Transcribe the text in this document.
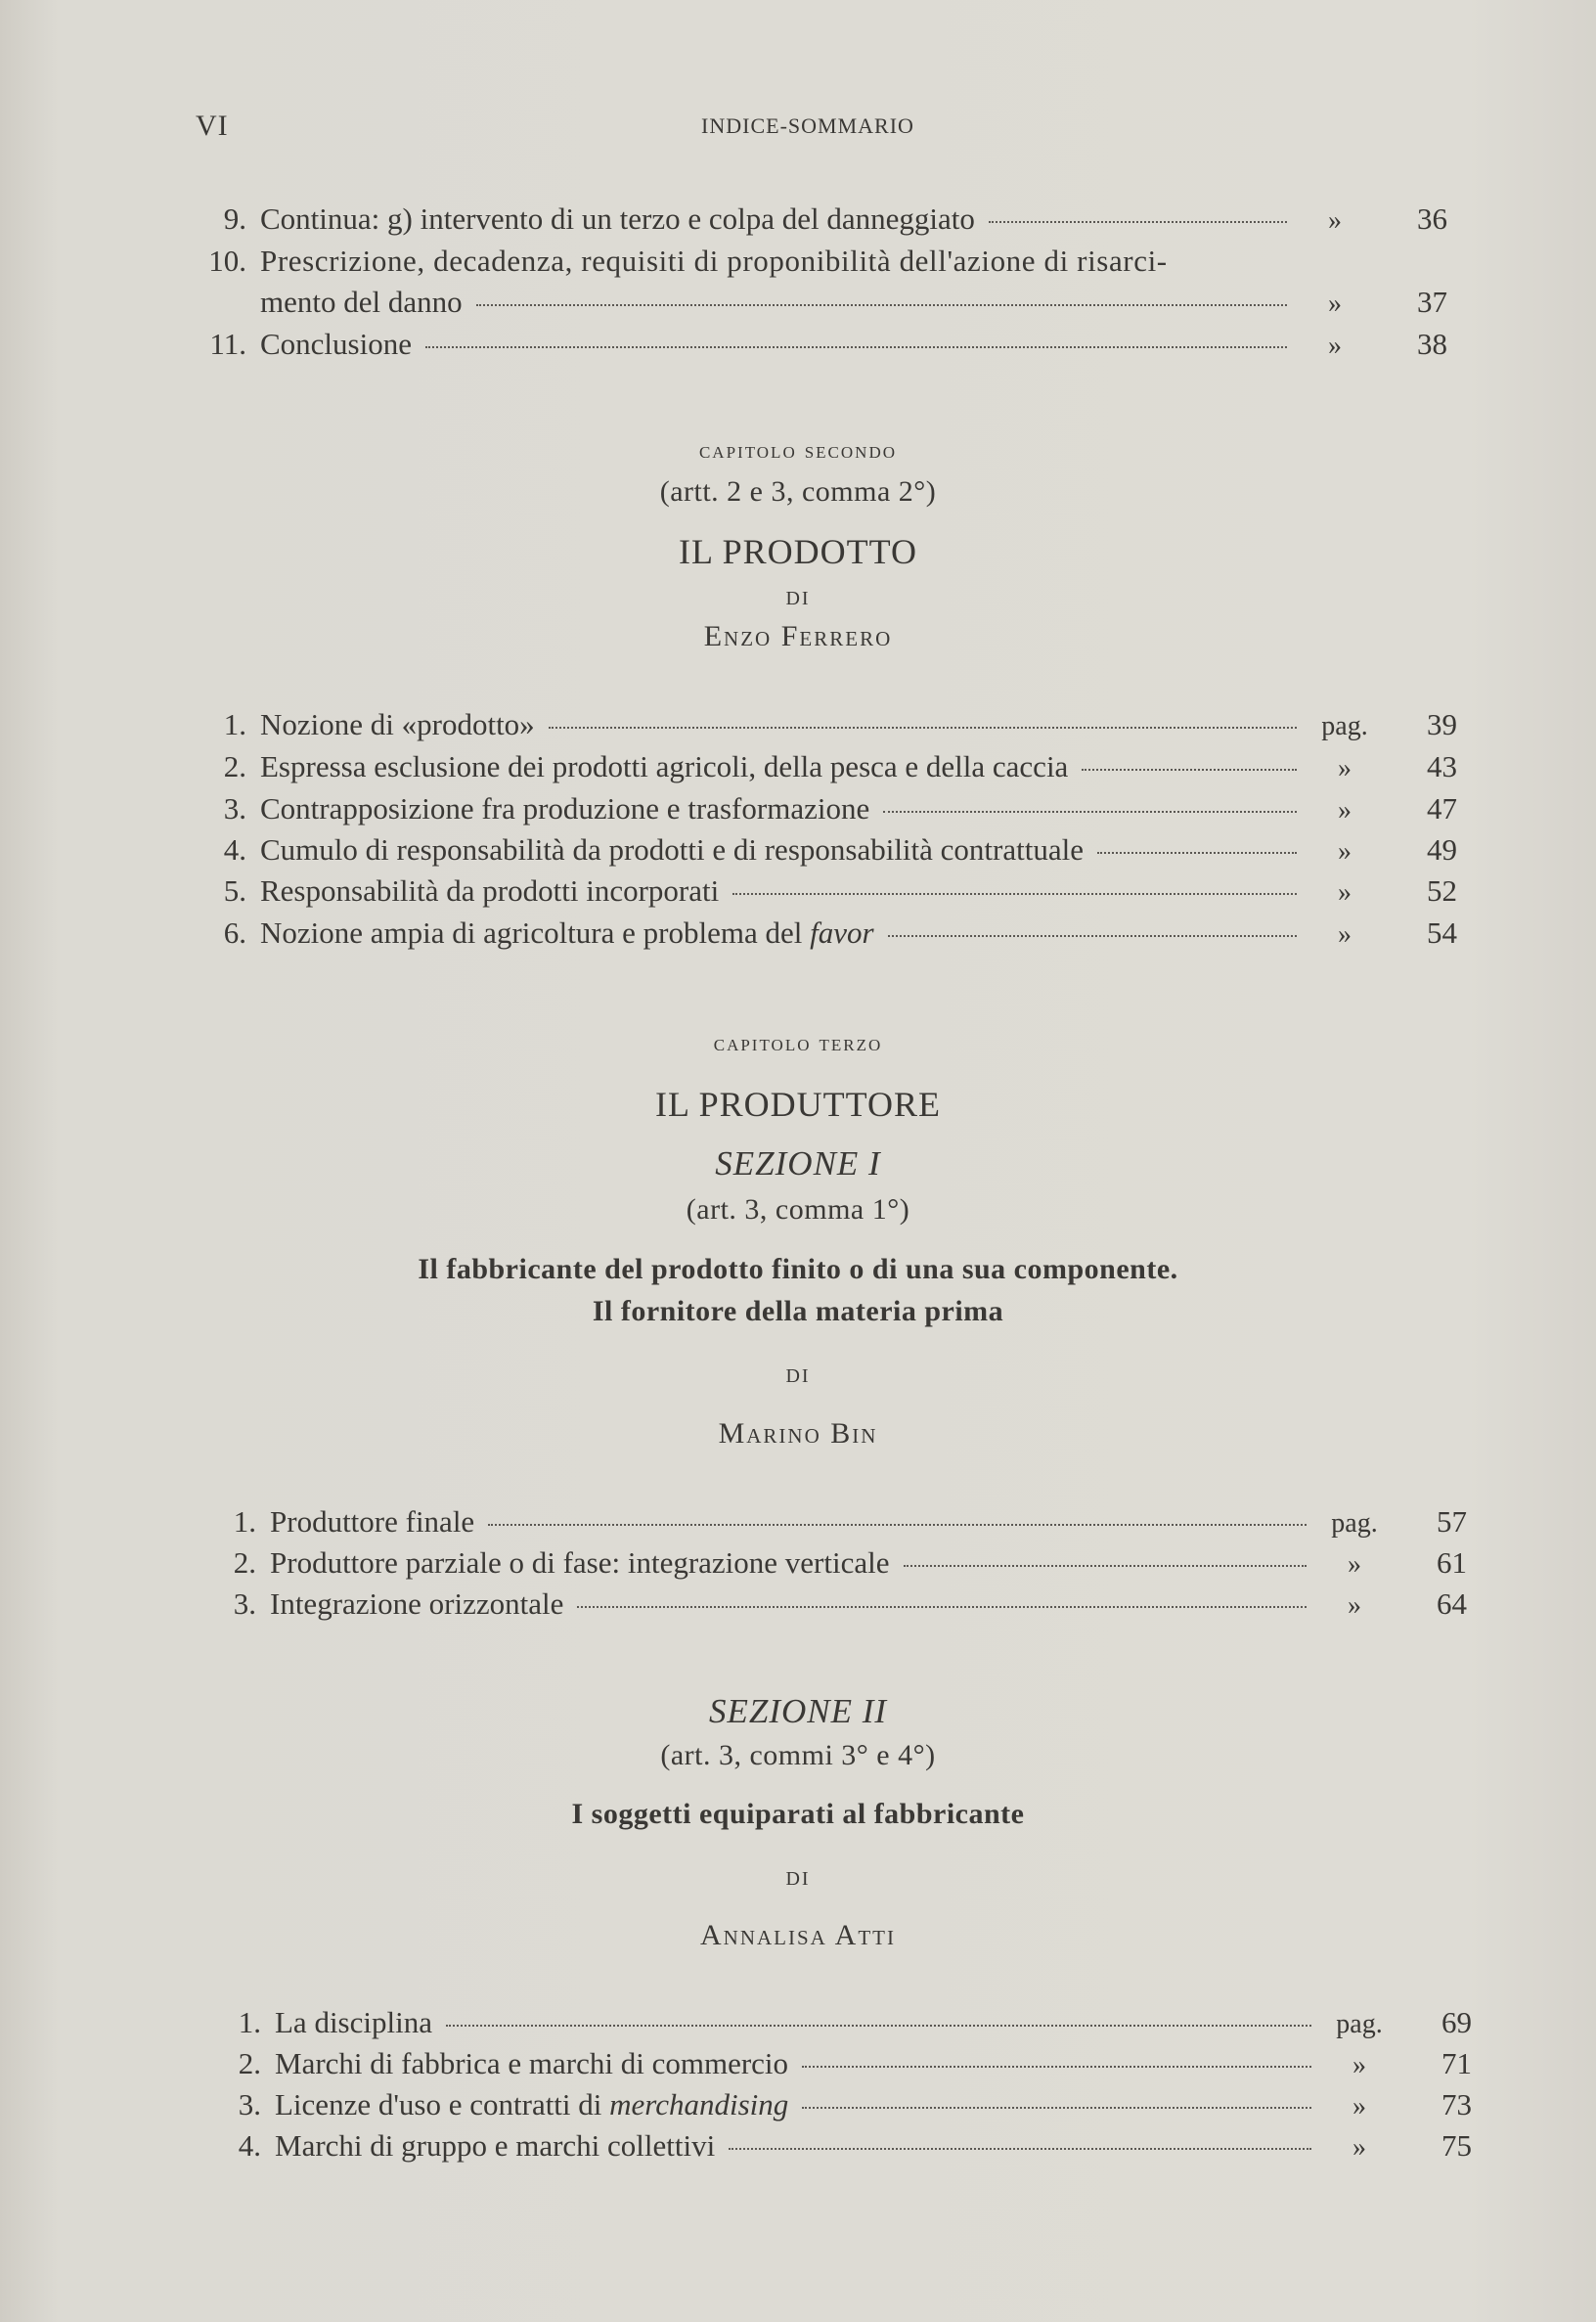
VI	INDICE-SOMMARIO
9. Continua: g) intervento di un terzo e colpa del danneggiato	»	36
10. Prescrizione, decadenza, requisiti di proponibilità dell'azione di risarci-
mento del danno	»	37
11. Conclusione	»	38
capitolo secondo
(artt. 2 e 3, comma 2°)
IL PRODOTTO
DI
Enzo Ferrero
1. Nozione di «prodotto»	pag.	39
2. Espressa esclusione dei prodotti agricoli, della pesca e della caccia	»	43
3. Contrapposizione fra produzione e trasformazione	»	47
4. Cumulo di responsabilità da prodotti e di responsabilità contrattuale	»	49
5. Responsabilità da prodotti incorporati	»	52
6. Nozione ampia di agricoltura e problema del favor	»	54
capitolo terzo
IL PRODUTTORE
SEZIONE I
(art. 3, comma 1°)
Il fabbricante del prodotto finito o di una sua componente.
Il fornitore della materia prima
DI
Marino Bin
1. Produttore finale	pag.	57
2. Produttore parziale o di fase: integrazione verticale	»	61
3. Integrazione orizzontale	»	64
SEZIONE II
(art. 3, commi 3° e 4°)
I soggetti equiparati al fabbricante
DI
Annalisa Atti
1. La disciplina	pag.	69
2. Marchi di fabbrica e marchi di commercio	»	71
3. Licenze d'uso e contratti di merchandising	»	73
4. Marchi di gruppo e marchi collettivi	»	75
